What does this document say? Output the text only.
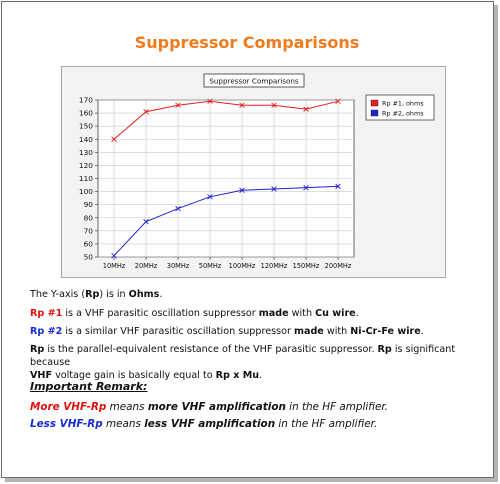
Suppressor Comparisons
Suppressor Comparisons
50
60
70
80
90
100
110
120
130
140
150
160
170
10MHz 20MHz 30MHz 50MHz 100MHz 120MHz 150MHz 200MHz
Rp #1, ohms
Rp #2, ohms
The Y-axis (Rp) is in Ohms.
Rp #1 is a VHF parasitic oscillation suppressor made with Cu wire.
Rp #2 is a similar VHF parasitic oscillation suppressor made with Ni-Cr-Fe wire.
Rp is the parallel-equivalent resistance of the VHF parasitic suppressor. Rp is significant because
VHF voltage gain is basically equal to Rp x Mu.
Important Remark:
More VHF-Rp means more VHF amplification in the HF amplifier.
Less VHF-Rp means less VHF amplification in the HF amplifier.
